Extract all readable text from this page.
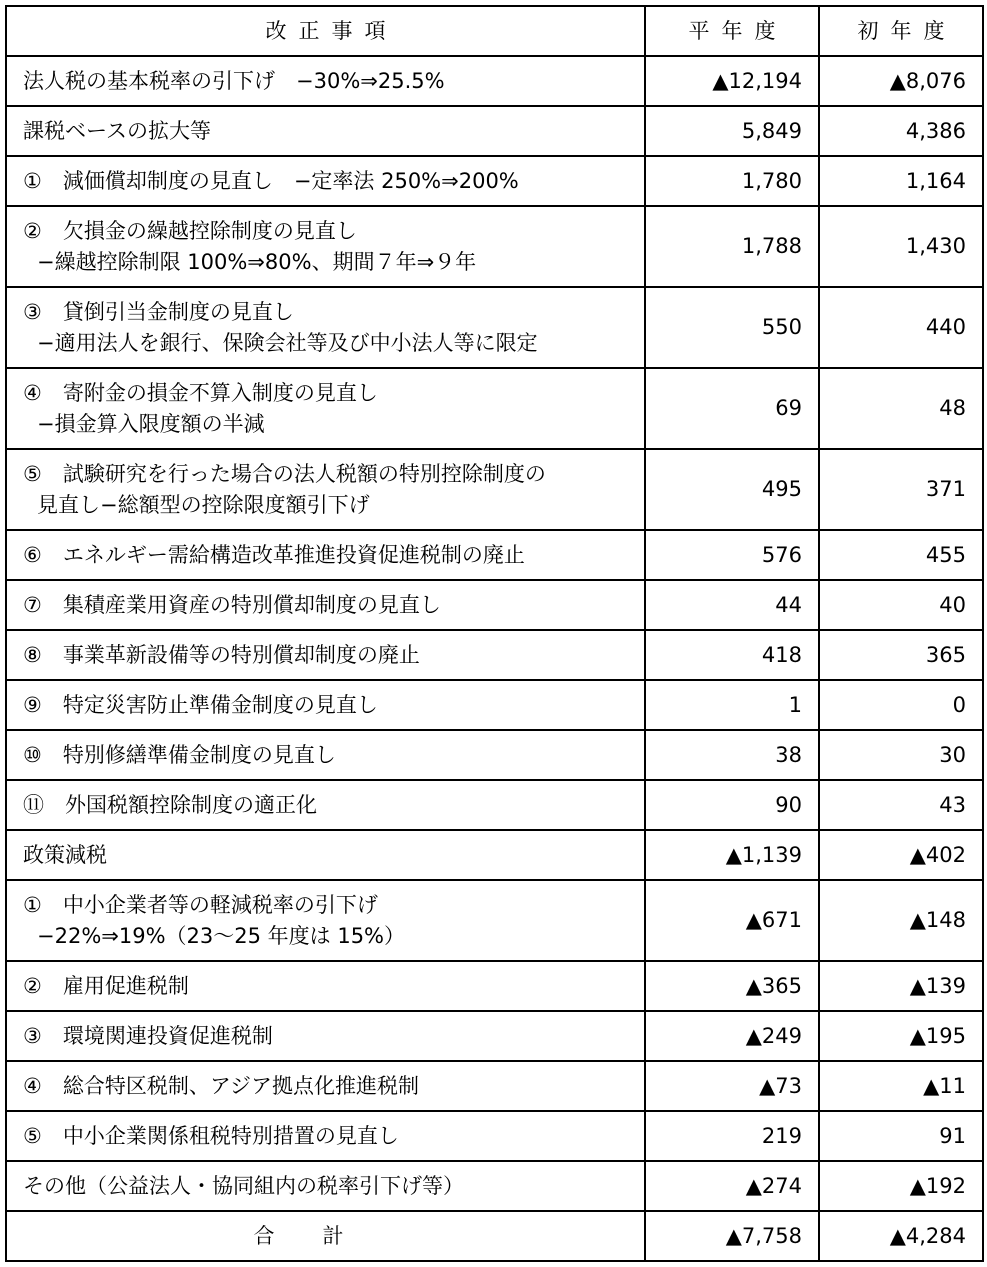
改正事項	平年度	初年度

法人税の基本税率の引下げ　−30%⇒25.5%	▲12,194	▲8,076

課税ベースの拡大等	5,849	4,386

①　減価償却制度の見直し　−定率法 250%⇒200%	1,780	1,164

②　欠損金の繰越控除制度の見直し
−繰越控除制限 100%⇒80%、期間７年⇒９年	1,788	1,430

③　貸倒引当金制度の見直し
−適用法人を銀行、保険会社等及び中小法人等に限定	550	440

④　寄附金の損金不算入制度の見直し
−損金算入限度額の半減	69	48

⑤　試験研究を行った場合の法人税額の特別控除制度の
見直し−総額型の控除限度額引下げ	495	371

⑥　エネルギー需給構造改革推進投資促進税制の廃止	576	455

⑦　集積産業用資産の特別償却制度の見直し	44	40

⑧　事業革新設備等の特別償却制度の廃止	418	365

⑨　特定災害防止準備金制度の見直し	1	0

⑩　特別修繕準備金制度の見直し	38	30

⑪　外国税額控除制度の適正化	90	43

政策減税	▲1,139	▲402

①　中小企業者等の軽減税率の引下げ
−22%⇒19%（23〜25 年度は 15%）	▲671	▲148

②　雇用促進税制	▲365	▲139

③　環境関連投資促進税制	▲249	▲195

④　総合特区税制、アジア拠点化推進税制	▲73	▲11

⑤　中小企業関係租税特別措置の見直し	219	91

その他（公益法人・協同組内の税率引下げ等）	▲274	▲192

合計	▲7,758	▲4,284
